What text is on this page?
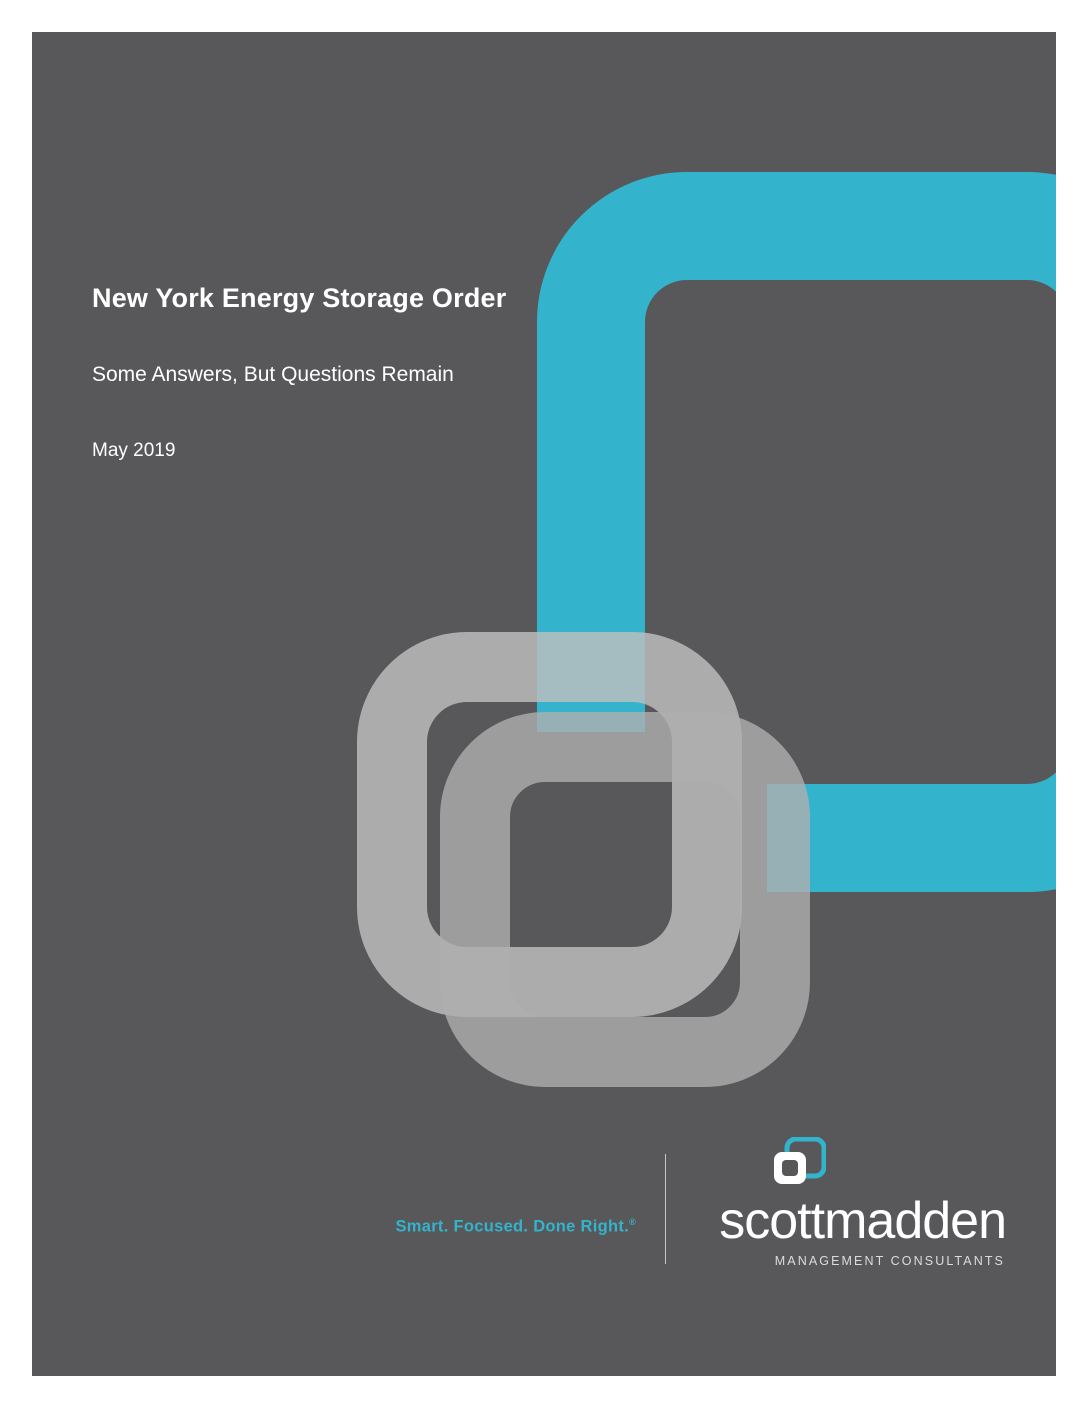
New York Energy Storage Order
Some Answers, But Questions Remain

May 2019

Smart. Focused. Done Right.®	scottmadden

MANAGEMENT CONSULTANTS
